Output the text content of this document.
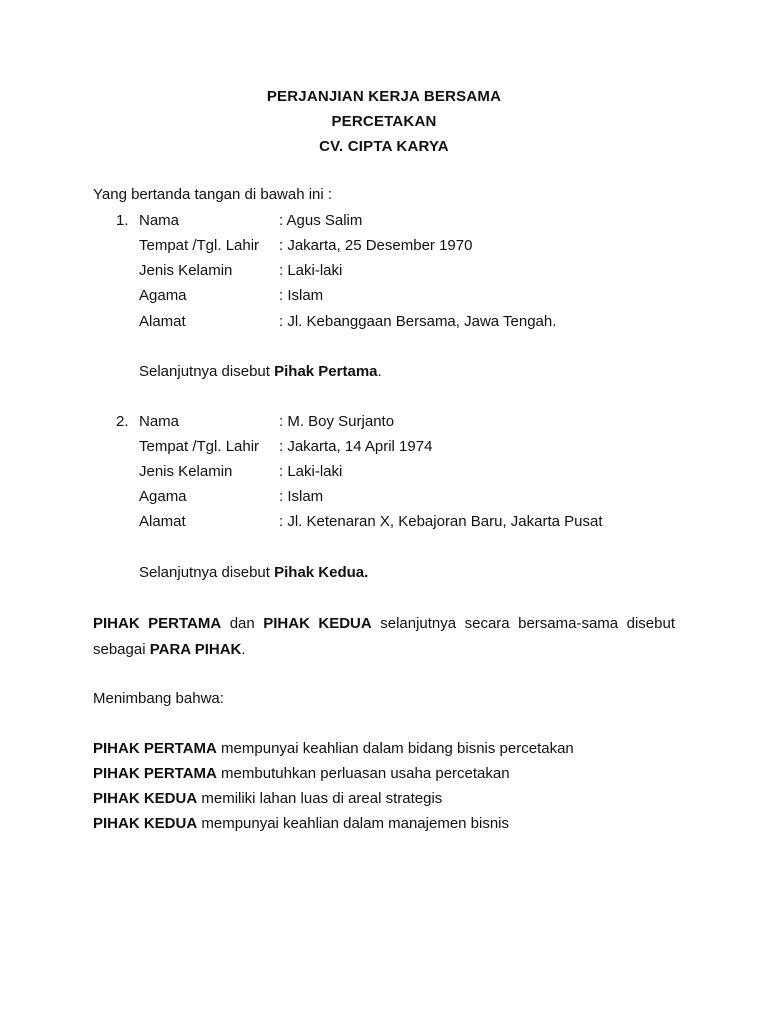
PERJANJIAN KERJA BERSAMA
PERCETAKAN
CV. CIPTA KARYA
Yang bertanda tangan di bawah ini :
1. Nama	: Agus Salim
Tempat /Tgl. Lahir : Jakarta, 25 Desember 1970
Jenis Kelamin	: Laki-laki
Agama	: Islam
Alamat	: Jl. Kebanggaan Bersama, Jawa Tengah.
Selanjutnya disebut Pihak Pertama.
2. Nama	: M. Boy Surjanto
Tempat /Tgl. Lahir : Jakarta, 14 April 1974
Jenis Kelamin	: Laki-laki
Agama	: Islam
Alamat	: Jl. Ketenaran X, Kebajoran Baru, Jakarta Pusat
Selanjutnya disebut Pihak Kedua.
PIHAK PERTAMA dan PIHAK KEDUA selanjutnya secara bersama-sama disebut
sebagai PARA PIHAK.
Menimbang bahwa:
PIHAK PERTAMA mempunyai keahlian dalam bidang bisnis percetakan
PIHAK PERTAMA membutuhkan perluasan usaha percetakan
PIHAK KEDUA memiliki lahan luas di areal strategis
PIHAK KEDUA mempunyai keahlian dalam manajemen bisnis
